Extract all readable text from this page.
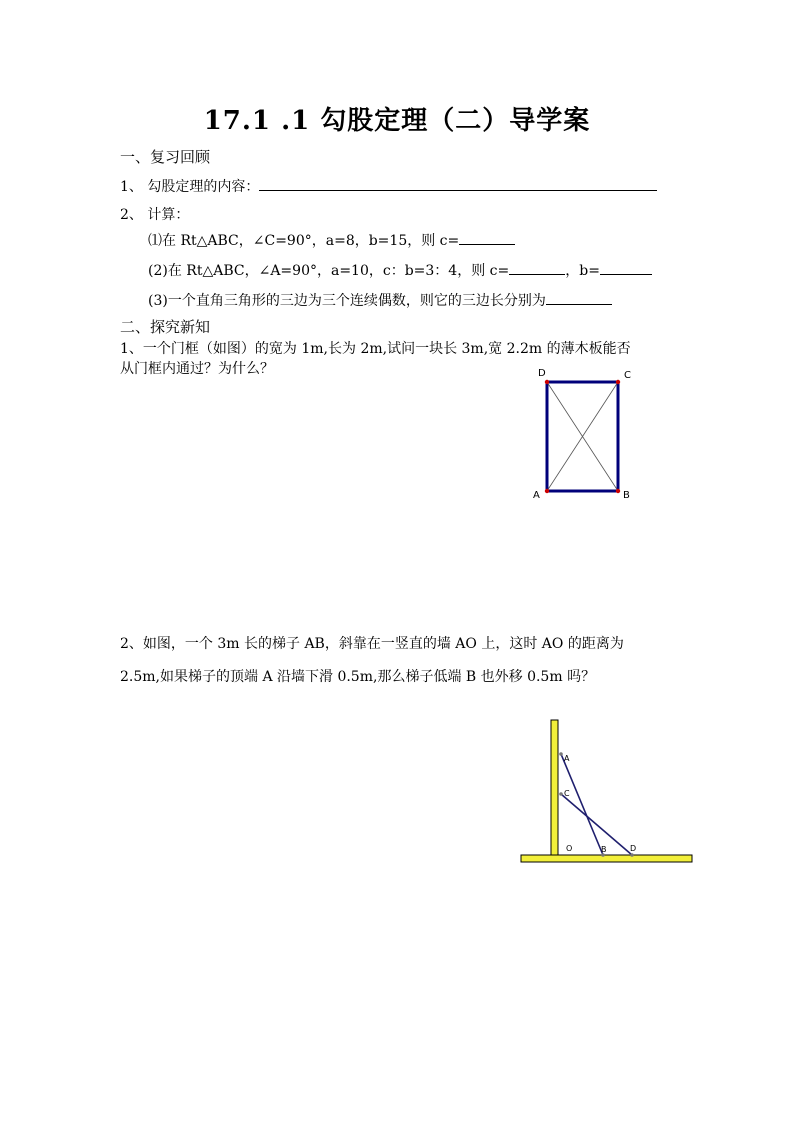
17.1 .1 勾股定理（二）导学案
一、复习回顾
1、 勾股定理的内容：
2、 计算：
⑴在 Rt△ABC，∠C=90°，a=8，b=15，则 c=
(2)在 Rt△ABC，∠A=90°，a=10，c：b=3：4，则 c=	，b=
(3)一个直角三角形的三边为三个连续偶数，则它的三边长分别为
二、探究新知
1、一个门框（如图）的宽为 1m,长为 2m,试问一块长 3m,宽 2.2m 的薄木板能否
从门框内通过？为什么？	D	C
A	B
2、如图，一个 3m 长的梯子 AB，斜靠在一竖直的墙 AO 上，这时 AO 的距离为
2.5m,如果梯子的顶端 A 沿墙下滑 0.5m,那么梯子低端 B 也外移 0.5m 吗？
A
C
O	B	D
